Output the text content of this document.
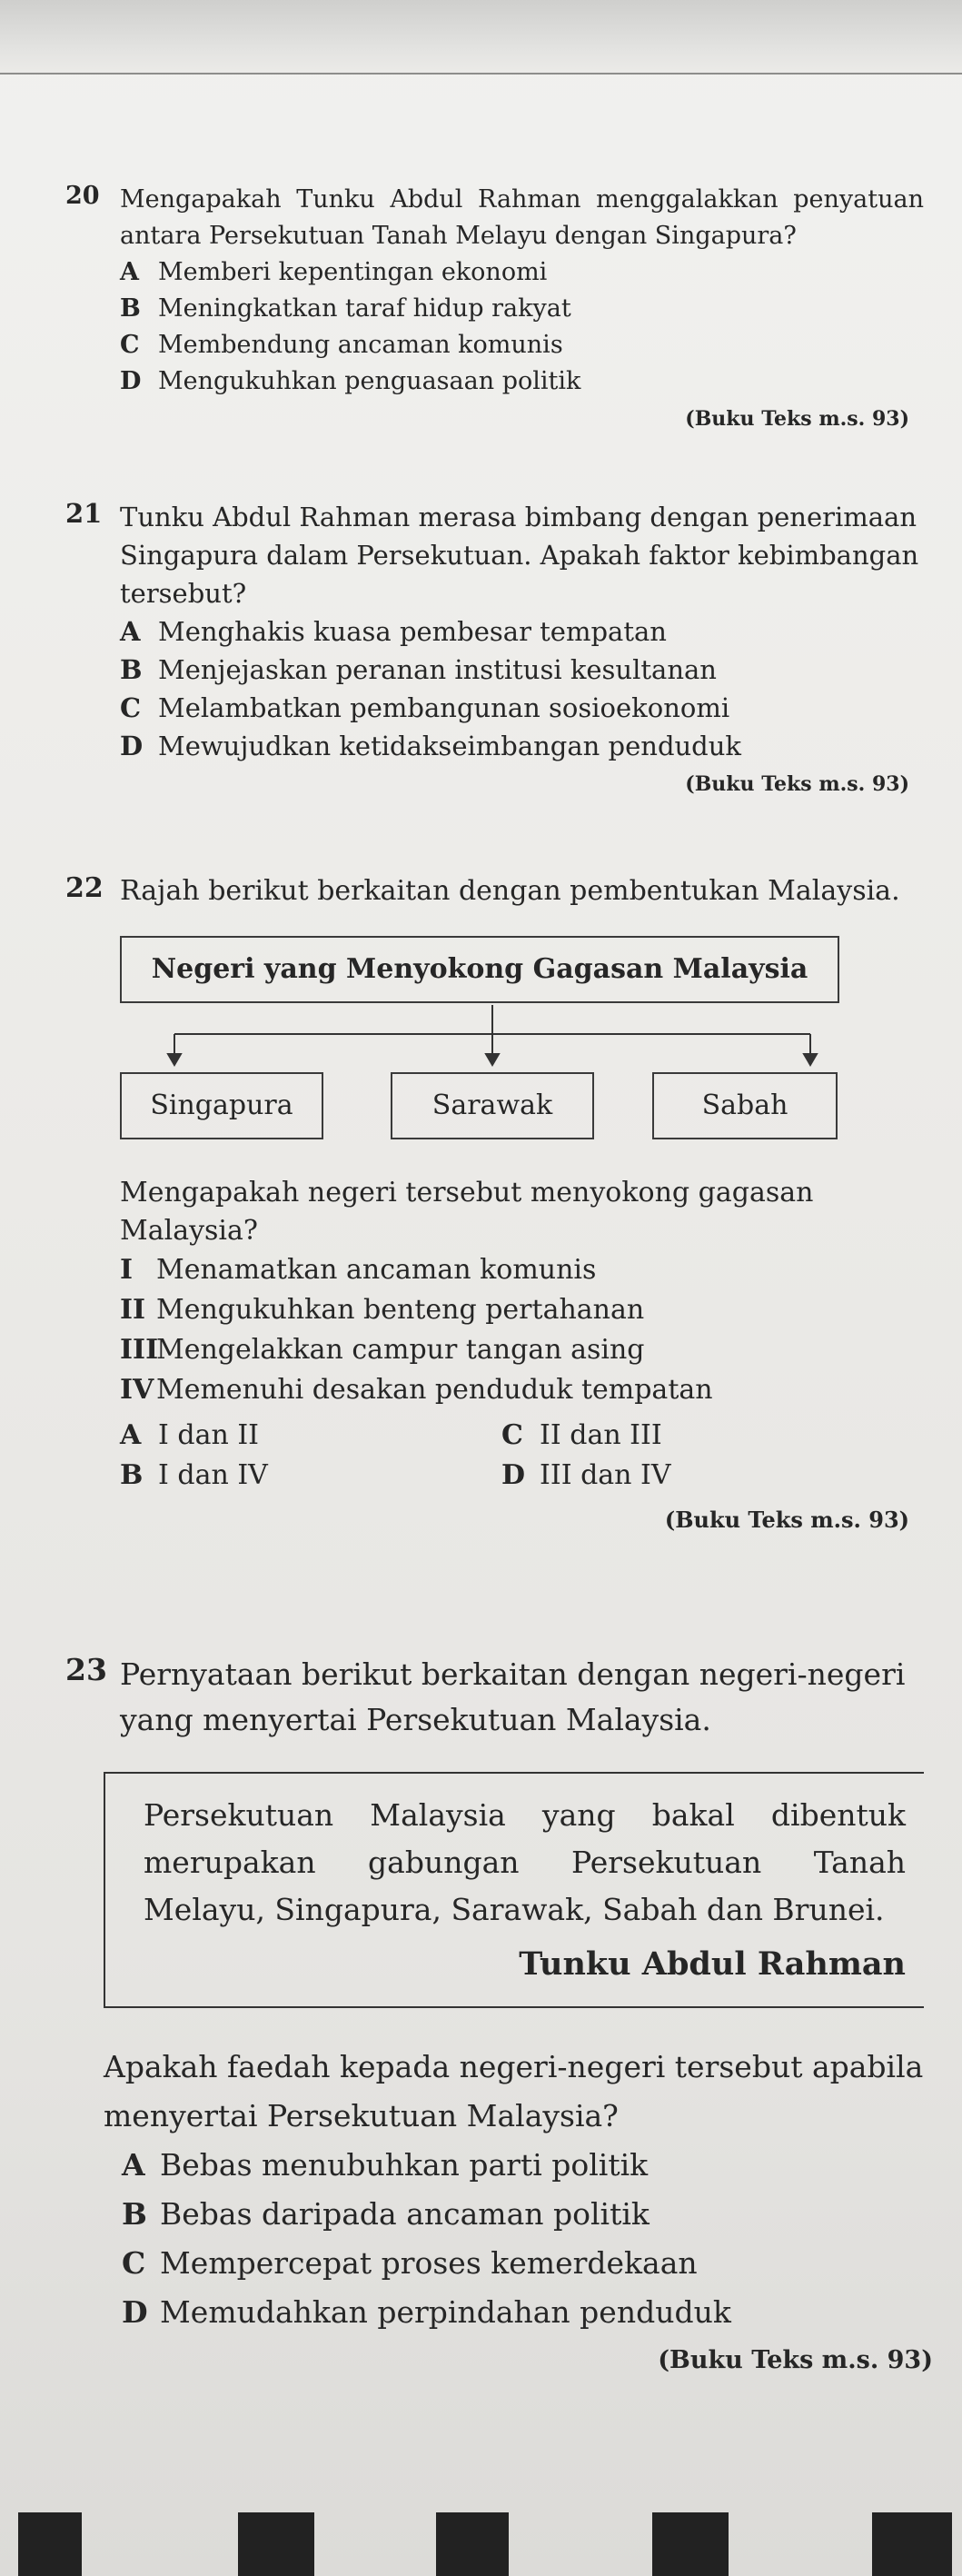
20 Mengapakah Tunku Abdul Rahman menggalakkan penyatuan antara Persekutuan Tanah Melayu dengan Singapura?
A Memberi kepentingan ekonomi
B Meningkatkan taraf hidup rakyat
C Membendung ancaman komunis
D Mengukuhkan penguasaan politik
(Buku Teks m.s. 93)
21 Tunku Abdul Rahman merasa bimbang dengan penerimaan Singapura dalam Persekutuan. Apakah faktor kebimbangan tersebut?
A Menghakis kuasa pembesar tempatan
B Menjejaskan peranan institusi kesultanan
C Melambatkan pembangunan sosioekonomi
D Mewujudkan ketidakseimbangan penduduk
(Buku Teks m.s. 93)
22 Rajah berikut berkaitan dengan pembentukan Malaysia.
Negeri yang Menyokong Gagasan Malaysia
Singapura	Sarawak	Sabah
Mengapakah negeri tersebut menyokong gagasan Malaysia?
I Menamatkan ancaman komunis
II Mengukuhkan benteng pertahanan
III
Mengelakkan campur tangan asing
IV Memenuhi desakan penduduk tempatan
A I dan II	C II dan III
B I dan IV	D III dan IV
(Buku Teks m.s. 93)
23 Pernyataan berikut berkaitan dengan negeri-negeri yang menyertai Persekutuan Malaysia.
Persekutuan Malaysia yang bakal dibentuk merupakan gabungan Persekutuan Tanah Melayu, Singapura, Sarawak, Sabah dan Brunei.
Tunku Abdul Rahman
Apakah faedah kepada negeri-negeri tersebut apabila menyertai Persekutuan Malaysia?
A Bebas menubuhkan parti politik
B Bebas daripada ancaman politik
C Mempercepat proses kemerdekaan
D Memudahkan perpindahan penduduk
(Buku Teks m.s. 93)
